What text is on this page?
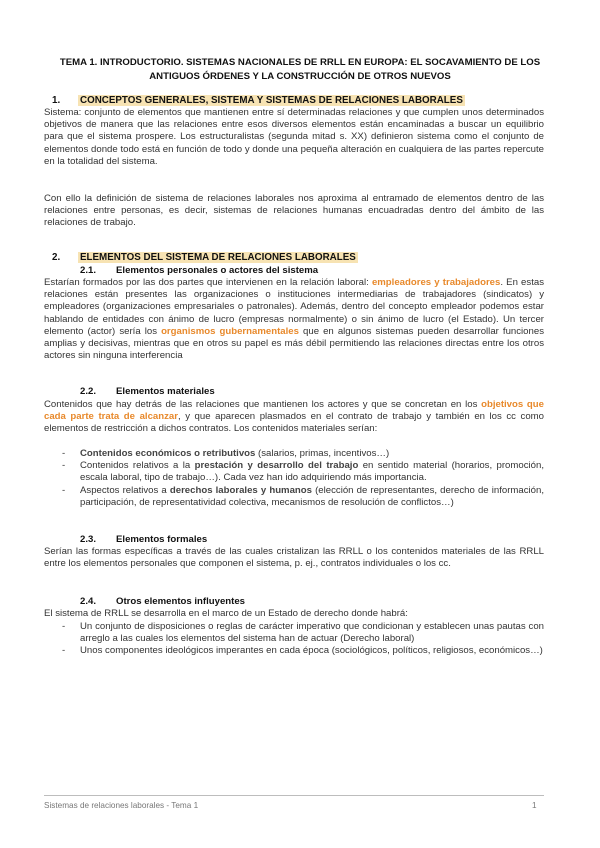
TEMA 1. INTRODUCTORIO. SISTEMAS NACIONALES DE RRLL EN EUROPA: EL SOCAVAMIENTO DE LOS ANTIGUOS ÓRDENES Y LA CONSTRUCCIÓN DE OTROS NUEVOS
1. CONCEPTOS GENERALES, SISTEMA Y SISTEMAS DE RELACIONES LABORALES
Sistema: conjunto de elementos que mantienen entre sí determinadas relaciones y que cumplen unos determinados objetivos de manera que las relaciones entre esos diversos elementos están encaminadas a buscar un equilibrio para que el sistema prospere. Los estructuralistas (segunda mitad s. XX) definieron sistema como el conjunto de elementos donde todo está en función de todo y donde una pequeña alteración en cualquiera de las partes repercute en la totalidad del sistema.
Con ello la definición de sistema de relaciones laborales nos aproxima al entramado de elementos dentro de las relaciones entre personas, es decir, sistemas de relaciones humanas encuadradas dentro del ámbito de las relaciones de trabajo.
2. ELEMENTOS DEL SISTEMA DE RELACIONES LABORALES
2.1. Elementos personales o actores del sistema
Estarían formados por las dos partes que intervienen en la relación laboral: empleadores y trabajadores. En estas relaciones están presentes las organizaciones o instituciones intermediarias de trabajadores (sindicatos) y empleadores (organizaciones empresariales o patronales). Además, dentro del concepto empleador podemos estar hablando de entidades con ánimo de lucro (empresas normalmente) o sin ánimo de lucro (el Estado). Un tercer elemento (actor) sería los organismos gubernamentales que en algunos sistemas pueden desarrollar funciones amplias y decisivas, mientras que en otros su papel es más débil permitiendo las relaciones directas entre los otros actores sin ninguna interferencia
2.2. Elementos materiales
Contenidos que hay detrás de las relaciones que mantienen los actores y que se concretan en los objetivos que cada parte trata de alcanzar, y que aparecen plasmados en el contrato de trabajo y también en los cc como elementos de restricción a dichos contratos. Los contenidos materiales serían:
- Contenidos económicos o retributivos (salarios, primas, incentivos…)
- Contenidos relativos a la prestación y desarrollo del trabajo en sentido material (horarios, promoción, escala laboral, tipo de trabajo…). Cada vez han ido adquiriendo más importancia.
- Aspectos relativos a derechos laborales y humanos (elección de representantes, derecho de información, participación, de representatividad colectiva, mecanismos de resolución de conflictos…)
2.3. Elementos formales
Serían las formas específicas a través de las cuales cristalizan las RRLL o los contenidos materiales de las RRLL entre los elementos personales que componen el sistema, p. ej., contratos individuales o los cc.
2.4. Otros elementos influyentes
El sistema de RRLL se desarrolla en el marco de un Estado de derecho donde habrá:
- Un conjunto de disposiciones o reglas de carácter imperativo que condicionan y establecen unas pautas con arreglo a las cuales los elementos del sistema han de actuar (Derecho laboral)
- Unos componentes ideológicos imperantes en cada época (sociológicos, políticos, religiosos, económicos…)
Sistemas de relaciones laborales - Tema 1	1
